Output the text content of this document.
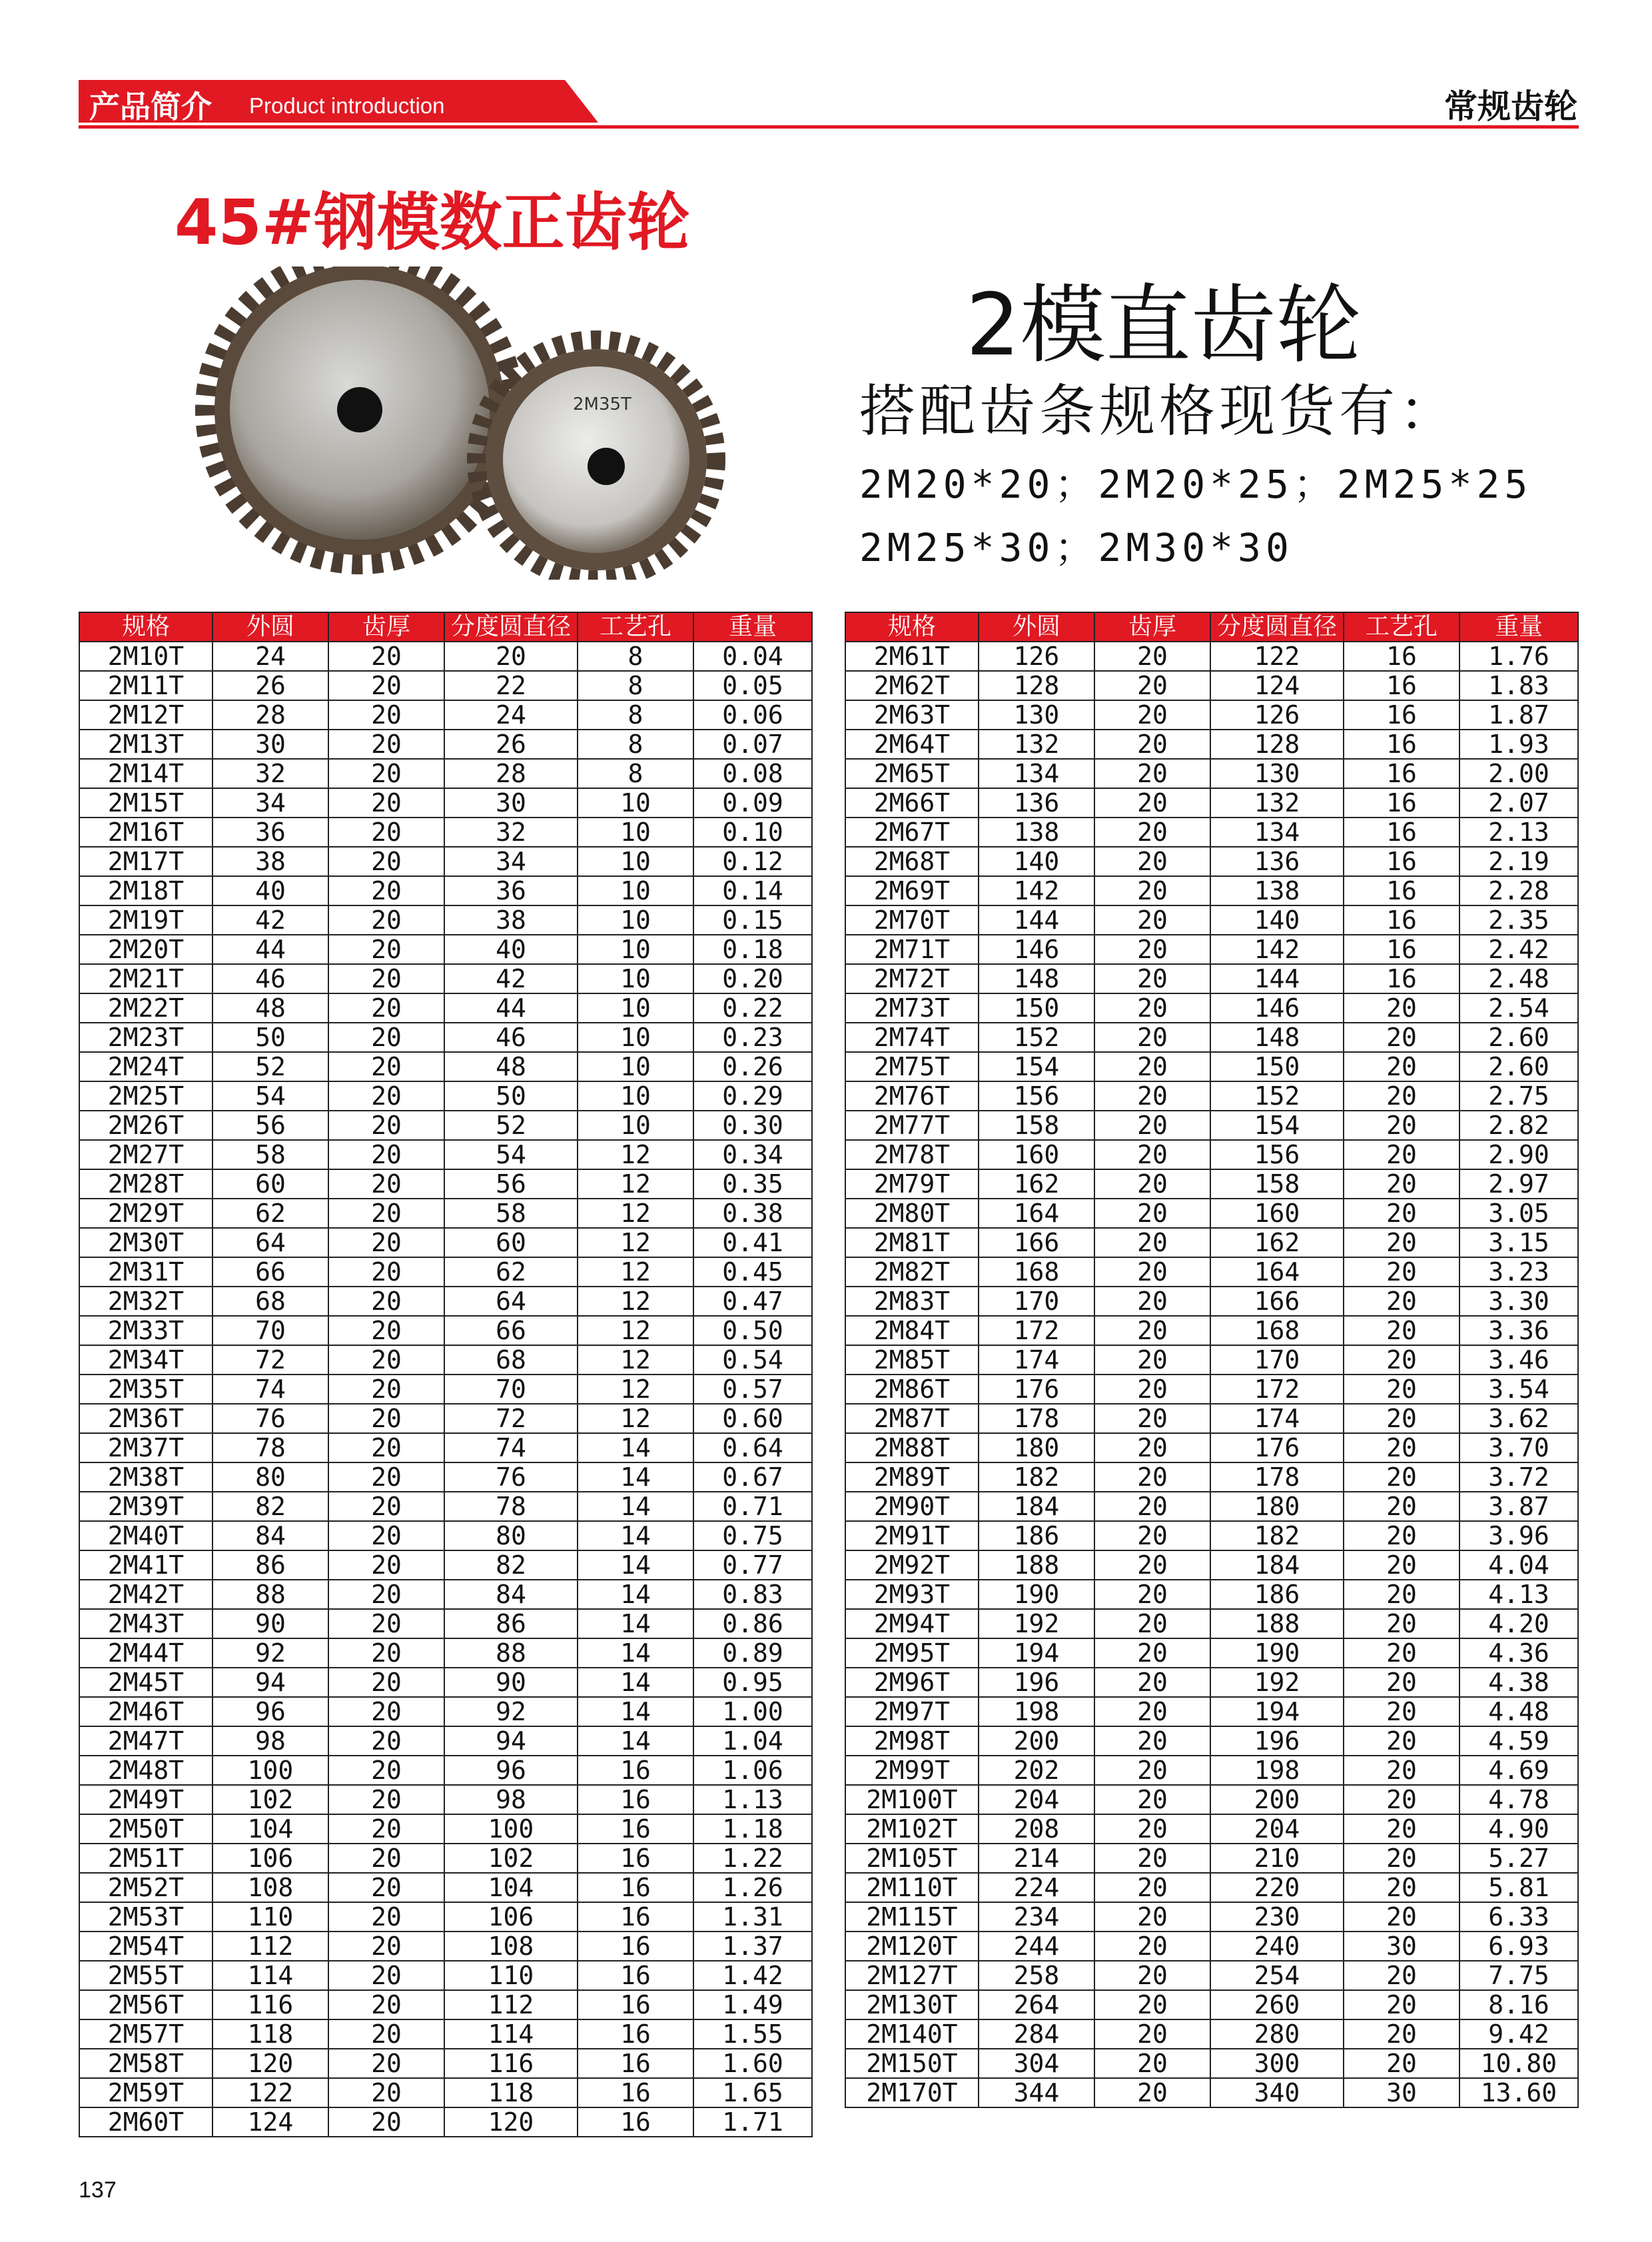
产品简介 Product introduction	常规齿轮
45#钢模数正齿轮
2模直齿轮
搭配齿条规格现货有：
2M20*20；2M20*25；2M25*25
2M25*30；2M30*30
2M35T
规格	外圆	齿厚	分度圆直径	工艺孔	重量
2M10T	24	20	20	8	0.04
2M11T	26	20	22	8	0.05
2M12T	28	20	24	8	0.06
2M13T	30	20	26	8	0.07
2M14T	32	20	28	8	0.08
2M15T	34	20	30	10	0.09
2M16T	36	20	32	10	0.10
2M17T	38	20	34	10	0.12
2M18T	40	20	36	10	0.14
2M19T	42	20	38	10	0.15
2M20T	44	20	40	10	0.18
2M21T	46	20	42	10	0.20
2M22T	48	20	44	10	0.22
2M23T	50	20	46	10	0.23
2M24T	52	20	48	10	0.26
2M25T	54	20	50	10	0.29
2M26T	56	20	52	10	0.30
2M27T	58	20	54	12	0.34
2M28T	60	20	56	12	0.35
2M29T	62	20	58	12	0.38
2M30T	64	20	60	12	0.41
2M31T	66	20	62	12	0.45
2M32T	68	20	64	12	0.47
2M33T	70	20	66	12	0.50
2M34T	72	20	68	12	0.54
2M35T	74	20	70	12	0.57
2M36T	76	20	72	12	0.60
2M37T	78	20	74	14	0.64
2M38T	80	20	76	14	0.67
2M39T	82	20	78	14	0.71
2M40T	84	20	80	14	0.75
2M41T	86	20	82	14	0.77
2M42T	88	20	84	14	0.83
2M43T	90	20	86	14	0.86
2M44T	92	20	88	14	0.89
2M45T	94	20	90	14	0.95
2M46T	96	20	92	14	1.00
2M47T	98	20	94	14	1.04
2M48T	100	20	96	16	1.06
2M49T	102	20	98	16	1.13
2M50T	104	20	100	16	1.18
2M51T	106	20	102	16	1.22
2M52T	108	20	104	16	1.26
2M53T	110	20	106	16	1.31
2M54T	112	20	108	16	1.37
2M55T	114	20	110	16	1.42
2M56T	116	20	112	16	1.49
2M57T	118	20	114	16	1.55
2M58T	120	20	116	16	1.60
2M59T	122	20	118	16	1.65
2M60T	124	20	120	16	1.71
规格	外圆	齿厚	分度圆直径	工艺孔	重量
2M61T	126	20	122	16	1.76
2M62T	128	20	124	16	1.83
2M63T	130	20	126	16	1.87
2M64T	132	20	128	16	1.93
2M65T	134	20	130	16	2.00
2M66T	136	20	132	16	2.07
2M67T	138	20	134	16	2.13
2M68T	140	20	136	16	2.19
2M69T	142	20	138	16	2.28
2M70T	144	20	140	16	2.35
2M71T	146	20	142	16	2.42
2M72T	148	20	144	16	2.48
2M73T	150	20	146	20	2.54
2M74T	152	20	148	20	2.60
2M75T	154	20	150	20	2.60
2M76T	156	20	152	20	2.75
2M77T	158	20	154	20	2.82
2M78T	160	20	156	20	2.90
2M79T	162	20	158	20	2.97
2M80T	164	20	160	20	3.05
2M81T	166	20	162	20	3.15
2M82T	168	20	164	20	3.23
2M83T	170	20	166	20	3.30
2M84T	172	20	168	20	3.36
2M85T	174	20	170	20	3.46
2M86T	176	20	172	20	3.54
2M87T	178	20	174	20	3.62
2M88T	180	20	176	20	3.70
2M89T	182	20	178	20	3.72
2M90T	184	20	180	20	3.87
2M91T	186	20	182	20	3.96
2M92T	188	20	184	20	4.04
2M93T	190	20	186	20	4.13
2M94T	192	20	188	20	4.20
2M95T	194	20	190	20	4.36
2M96T	196	20	192	20	4.38
2M97T	198	20	194	20	4.48
2M98T	200	20	196	20	4.59
2M99T	202	20	198	20	4.69
2M100T	204	20	200	20	4.78
2M102T	208	20	204	20	4.90
2M105T	214	20	210	20	5.27
2M110T	224	20	220	20	5.81
2M115T	234	20	230	20	6.33
2M120T	244	20	240	30	6.93
2M127T	258	20	254	20	7.75
2M130T	264	20	260	20	8.16
2M140T	284	20	280	20	9.42
2M150T	304	20	300	20	10.80
2M170T	344	20	340	30	13.60
137
